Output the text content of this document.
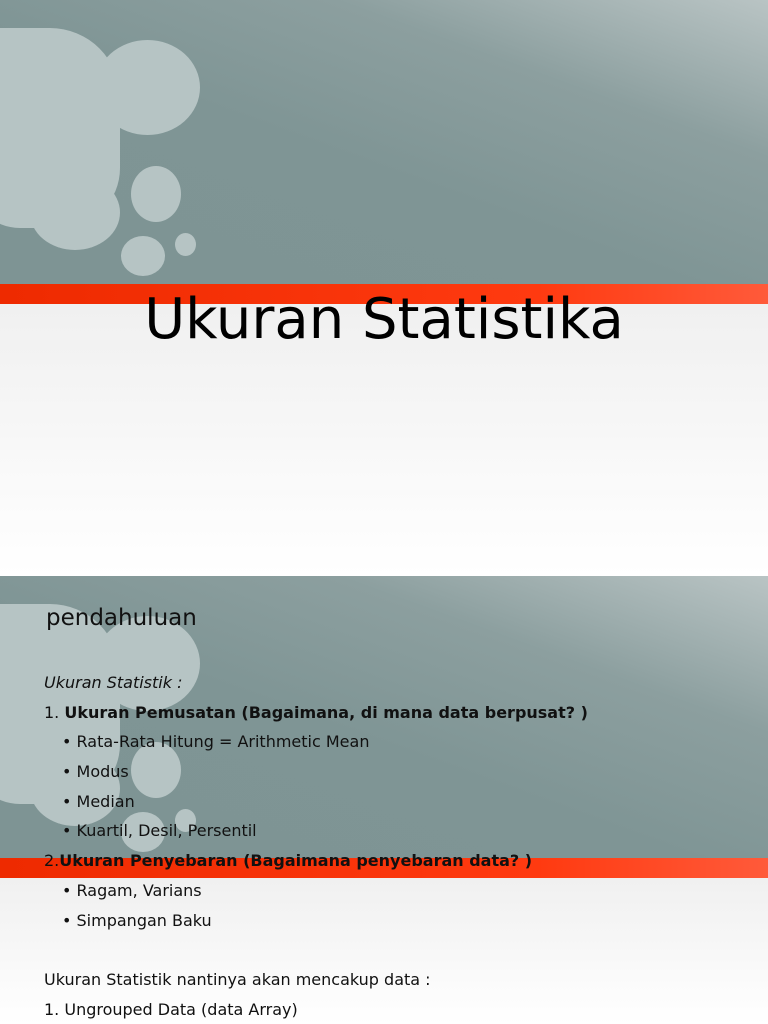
Ukuran Statistika
pendahuluan
Ukuran Statistik :
1. Ukuran Pemusatan (Bagaimana, di mana data berpusat? )
• Rata-Rata Hitung = Arithmetic Mean
• Modus
• Median
• Kuartil, Desil, Persentil
2.Ukuran Penyebaran (Bagaimana penyebaran data? )
• Ragam, Varians
• Simpangan Baku
Ukuran Statistik nantinya akan mencakup data :
1. Ungrouped Data (data Array)
